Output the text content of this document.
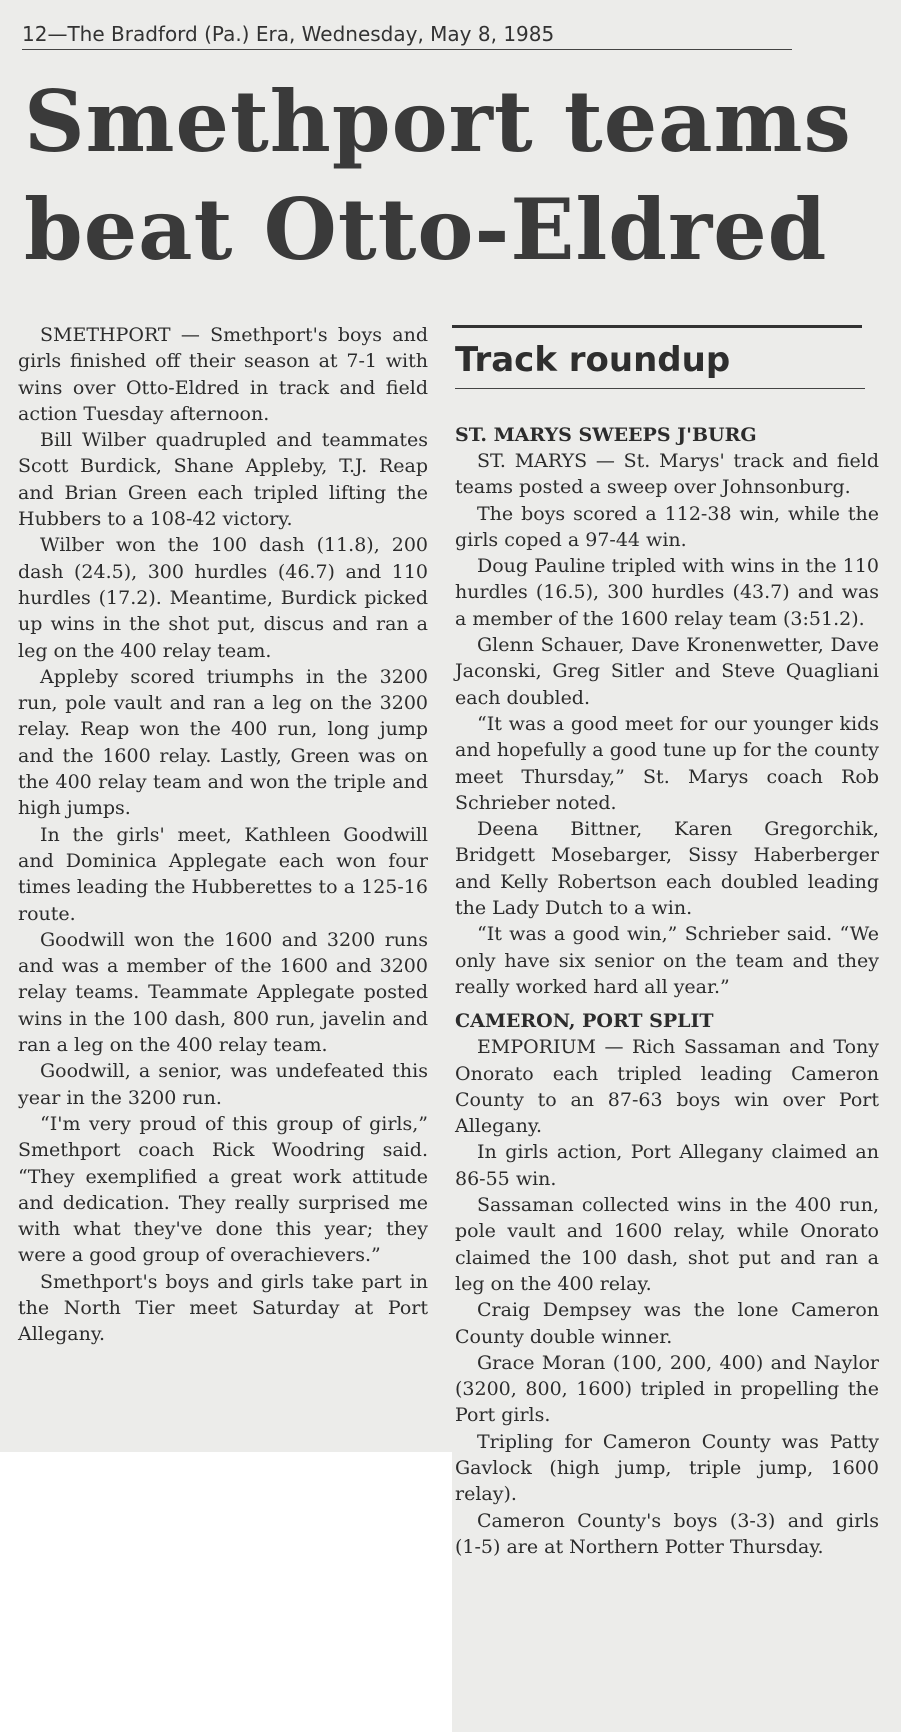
12—The Bradford (Pa.) Era, Wednesday, May 8, 1985
Smethport teams
beat Otto-Eldred

SMETHPORT — Smethport's boys and girls finished off their season at 7-1 with wins over Otto-Eldred in track and field action Tuesday afternoon.

Bill Wilber quadrupled and teammates Scott Burdick, Shane Appleby, T.J. Reap and Brian Green each tripled lifting the Hubbers to a 108-42 victory.

Wilber won the 100 dash (11.8), 200 dash (24.5), 300 hurdles (46.7) and 110 hurdles (17.2). Meantime, Burdick picked up wins in the shot put, discus and ran a leg on the 400 relay team.

Appleby scored triumphs in the 3200 run, pole vault and ran a leg on the 3200 relay. Reap won the 400 run, long jump and the 1600 relay. Lastly, Green was on the 400 relay team and won the triple and high jumps.

In the girls' meet, Kathleen Goodwill and Dominica Applegate each won four times leading the Hubberettes to a 125-16 route.

Goodwill won the 1600 and 3200 runs and was a member of the 1600 and 3200 relay teams. Teammate Applegate posted wins in the 100 dash, 800 run, javelin and ran a leg on the 400 relay team.

Goodwill, a senior, was undefeated this year in the 3200 run.

“I'm very proud of this group of girls,” Smethport coach Rick Woodring said. “They exemplified a great work attitude and dedication. They really surprised me with what they've done this year; they were a good group of overachievers.”

Smethport's boys and girls take part in the North Tier meet Saturday at Port Allegany.

Track roundup

ST. MARYS SWEEPS J'BURG

ST. MARYS — St. Marys' track and field teams posted a sweep over Johnsonburg.

The boys scored a 112-38 win, while the girls coped a 97-44 win.

Doug Pauline tripled with wins in the 110 hurdles (16.5), 300 hurdles (43.7) and was a member of the 1600 relay team (3:51.2).

Glenn Schauer, Dave Kronenwetter, Dave Jaconski, Greg Sitler and Steve Quagliani each doubled.

“It was a good meet for our younger kids and hopefully a good tune up for the county meet Thursday,” St. Marys coach Rob Schrieber noted.

Deena Bittner, Karen Gregorchik, Bridgett Mosebarger, Sissy Haberberger and Kelly Robertson each doubled leading the Lady Dutch to a win.

“It was a good win,” Schrieber said. “We only have six senior on the team and they really worked hard all year.”

CAMERON, PORT SPLIT

EMPORIUM — Rich Sassaman and Tony Onorato each tripled leading Cameron County to an 87-63 boys win over Port Allegany.

In girls action, Port Allegany claimed an 86-55 win.

Sassaman collected wins in the 400 run, pole vault and 1600 relay, while Onorato claimed the 100 dash, shot put and ran a leg on the 400 relay.

Craig Dempsey was the lone Cameron County double winner.

Grace Moran (100, 200, 400) and Naylor (3200, 800, 1600) tripled in propelling the Port girls.

Tripling for Cameron County was Patty Gavlock (high jump, triple jump, 1600 relay).

Cameron County's boys (3-3) and girls (1-5) are at Northern Potter Thursday.
